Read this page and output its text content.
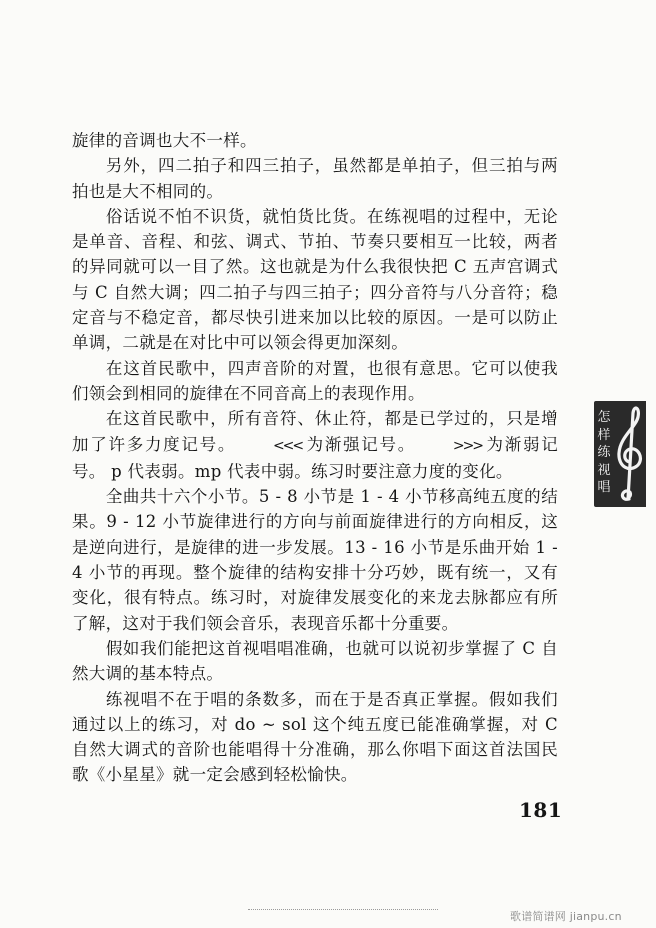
旋律的音调也大不一样。

另外，四二拍子和四三拍子，虽然都是单拍子，但三拍与两拍也是大不相同的。

俗话说不怕不识货，就怕货比货。在练视唱的过程中，无论是单音、音程、和弦、调式、节拍、节奏只要相互一比较，两者的异同就可以一目了然。这也就是为什么我很快把 C 五声宫调式与 C 自然大调；四二拍子与四三拍子；四分音符与八分音符；稳定音与不稳定音，都尽快引进来加以比较的原因。一是可以防止单调，二就是在对比中可以领会得更加深刻。

在这首民歌中，四声音阶的对置，也很有意思。它可以使我们领会到相同的旋律在不同音高上的表现作用。

在这首民歌中，所有音符、休止符，都是已学过的，只是增加了许多力度记号。	<<< 为渐强记号。	>>> 为渐弱记号。 p 代表弱。mp 代表中弱。练习时要注意力度的变化。

全曲共十六个小节。5 - 8 小节是 1 - 4 小节移高纯五度的结果。9 - 12 小节旋律进行的方向与前面旋律进行的方向相反，这是逆向进行，是旋律的进一步发展。13 - 16 小节是乐曲开始 1 - 4 小节的再现。整个旋律的结构安排十分巧妙，既有统一，又有变化，很有特点。练习时，对旋律发展变化的来龙去脉都应有所了解，这对于我们领会音乐，表现音乐都十分重要。

假如我们能把这首视唱唱准确，也就可以说初步掌握了 C 自然大调的基本特点。

练视唱不在于唱的条数多，而在于是否真正掌握。假如我们通过以上的练习，对 do ~ sol 这个纯五度已能准确掌握，对 C 自然大调式的音阶也能唱得十分准确，那么你唱下面这首法国民歌《小星星》就一定会感到轻松愉快。

怎
样
练
视
唱
181
歌谱简谱网 jianpu.cn
